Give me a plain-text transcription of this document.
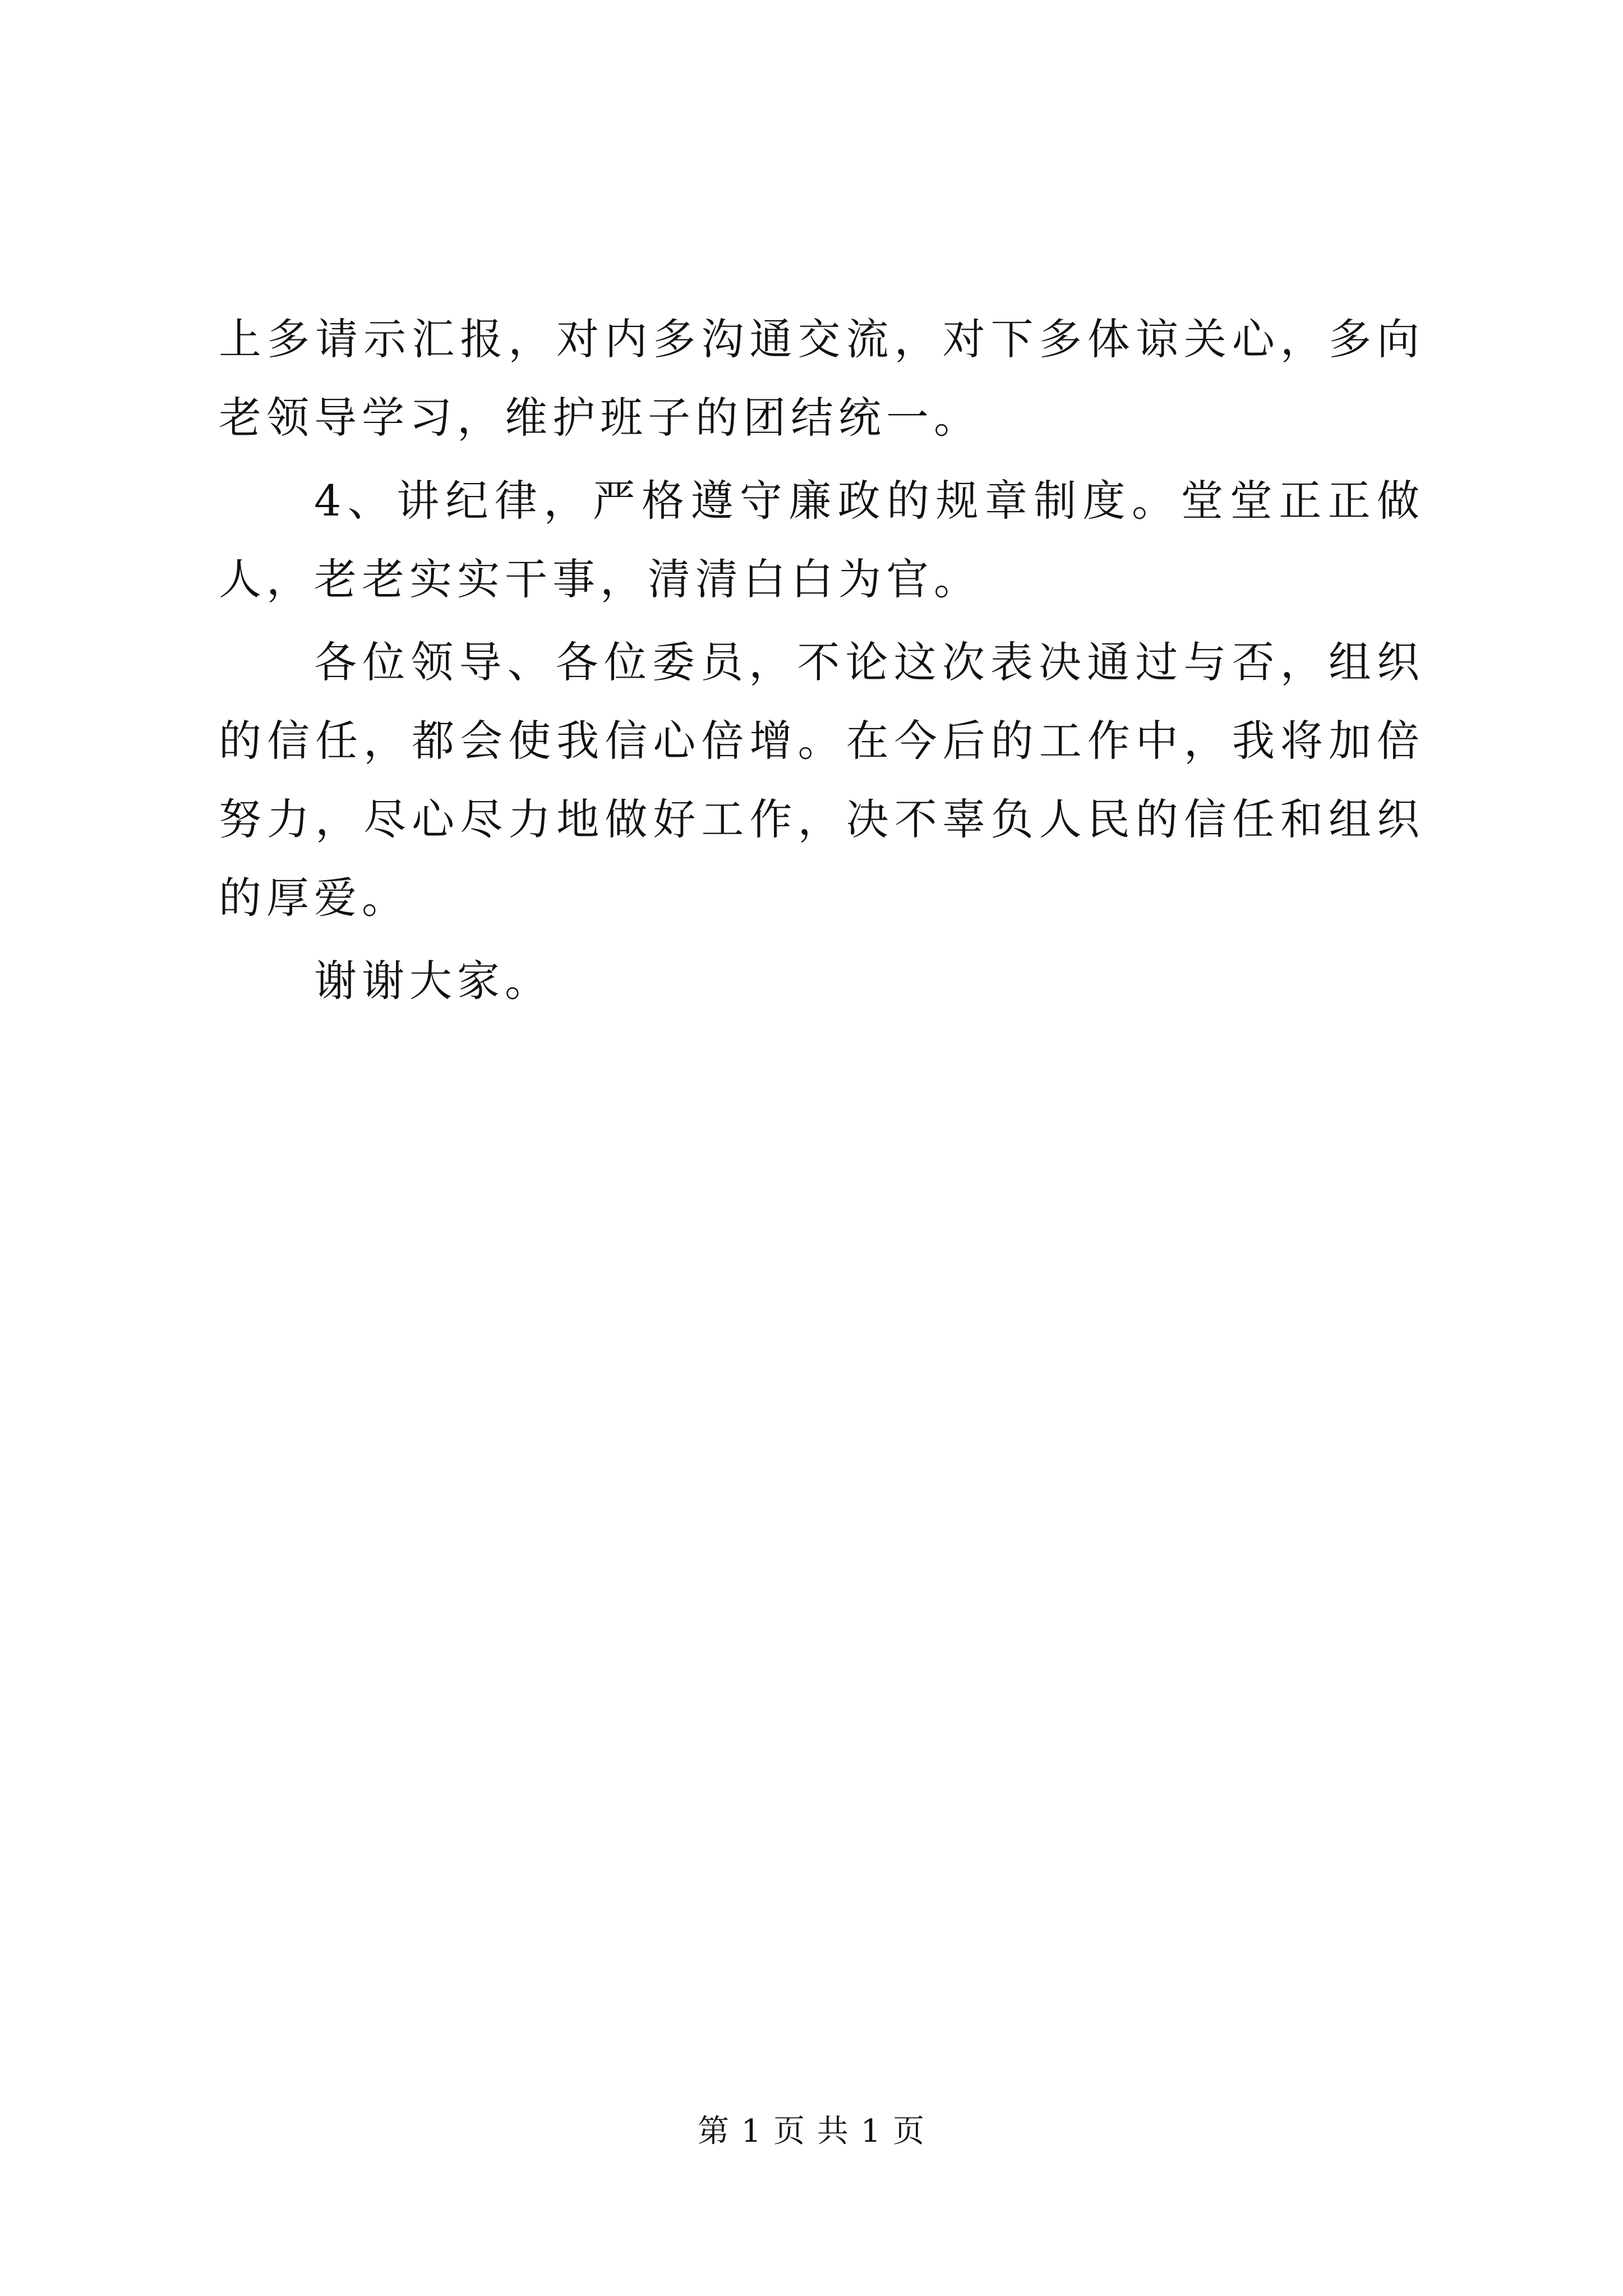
上多请示汇报，对内多沟通交流，对下多体谅关心，多向老领导学习，维护班子的团结统一。

4、讲纪律，严格遵守廉政的规章制度。堂堂正正做人，老老实实干事，清清白白为官。

各位领导、各位委员，不论这次表决通过与否，组织的信任，都会使我信心倍增。在今后的工作中，我将加倍努力，尽心尽力地做好工作，决不辜负人民的信任和组织的厚爱。

谢谢大家。

第 1 页 共 1 页
